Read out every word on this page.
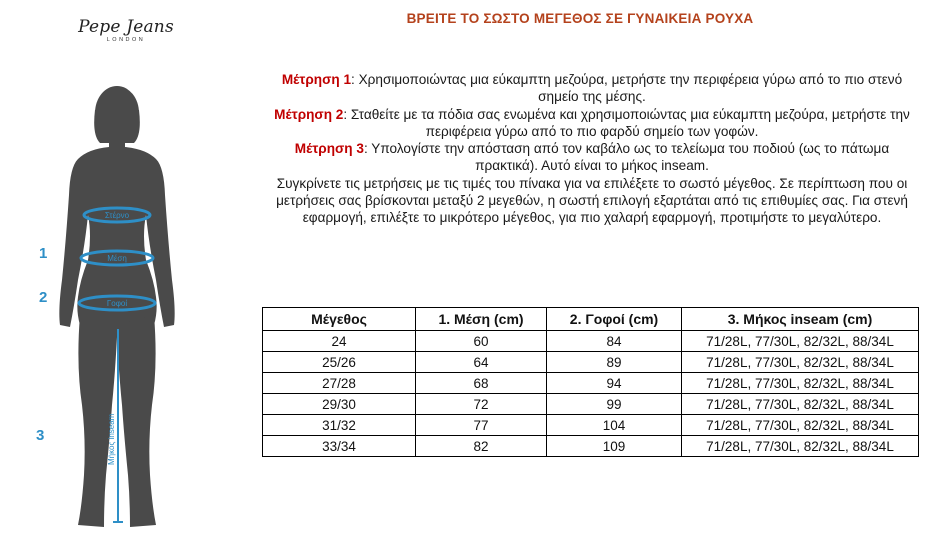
Pepe Jeans
LONDON
ΒΡΕΙΤΕ ΤΟ ΣΩΣΤΟ ΜΕΓΕΘΟΣ ΣΕ ΓΥΝΑΙΚΕΙΑ ΡΟΥΧΑ

Μέτρηση 1: Χρησιμοποιώντας μια εύκαμπτη μεζούρα, μετρήστε την περιφέρεια γύρω από το πιο στενό σημείο της μέσης.

Μέτρηση 2: Σταθείτε με τα πόδια σας ενωμένα και χρησιμοποιώντας μια εύκαμπτη μεζούρα, μετρήστε την περιφέρεια γύρω από το πιο φαρδύ σημείο των γοφών.

Μέτρηση 3: Υπολογίστε την απόσταση από τον καβάλο ως το τελείωμα του ποδιού (ως το πάτωμα πρακτικά). Αυτό είναι το μήκος inseam.

Συγκρίνετε τις μετρήσεις με τις τιμές του πίνακα για να επιλέξετε το σωστό μέγεθος. Σε περίπτωση που οι μετρήσεις σας βρίσκονται μεταξύ 2 μεγεθών, η σωστή επιλογή εξαρτάται από τις επιθυμίες σας. Για στενή εφαρμογή, επιλέξτε το μικρότερο μέγεθος, για πιο χαλαρή εφαρμογή, προτιμήστε το μεγαλύτερο.

Στέρνο
Μέση
Γοφοί
Μήκος inseam
1
2
3
Μέγεθος	1. Μέση (cm)	2. Γοφοί (cm)	3. Μήκος inseam (cm)
24	60	84	71/28L, 77/30L, 82/32L, 88/34L
25/26	64	89	71/28L, 77/30L, 82/32L, 88/34L
27/28	68	94	71/28L, 77/30L, 82/32L, 88/34L
29/30	72	99	71/28L, 77/30L, 82/32L, 88/34L
31/32	77	104	71/28L, 77/30L, 82/32L, 88/34L
33/34	82	109	71/28L, 77/30L, 82/32L, 88/34L
